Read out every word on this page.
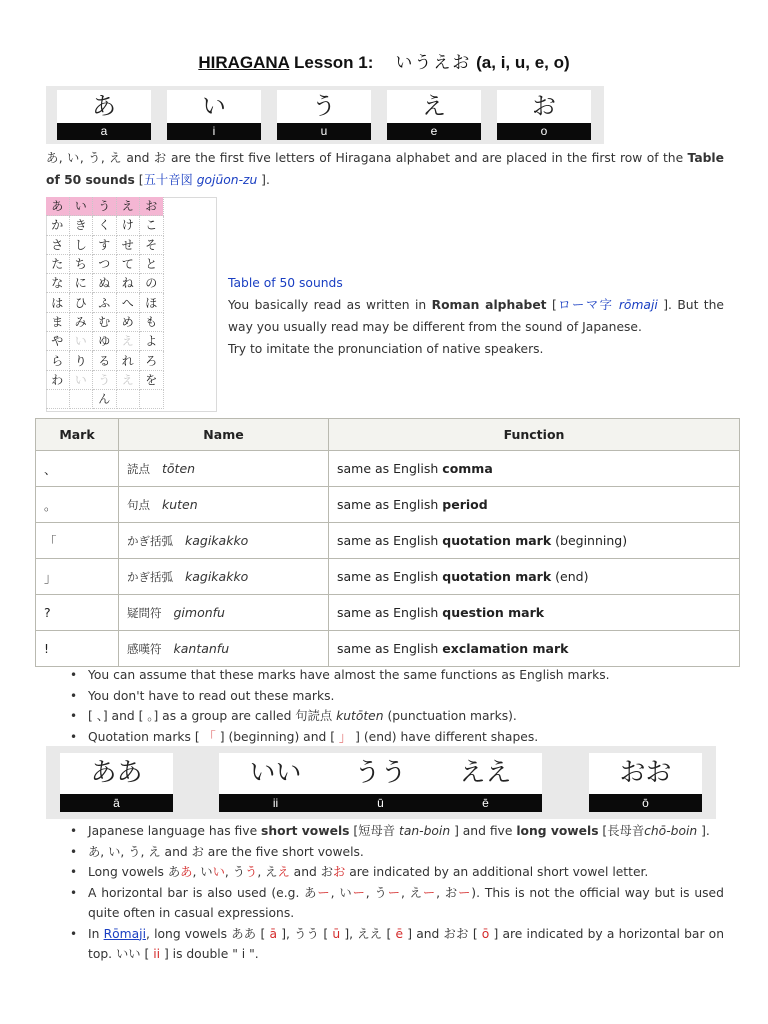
HIRAGANA Lesson 1: いうえお (a, i, u, e, o)
あ
a
い
i
う
u
え
e
お
o
あ, い, う, え and お are the first five letters of Hiragana alphabet and are placed in the first row of the Table of 50 sounds [五十音図 gojūon-zu ].
あ	い	う	え	お
か	き	く	け	こ
さ	し	す	せ	そ
た	ち	つ	て	と
な	に	ぬ	ね	の
は	ひ	ふ	へ	ほ
ま	み	む	め	も
や	い	ゆ	え	よ
ら	り	る	れ	ろ
わ	い	う	え	を
		ん		
Table of 50 sounds
You basically read as written in Roman alphabet [ローマ字 rōmaji ]. But the way you usually read may be different from the sound of Japanese.
Try to imitate the pronunciation of native speakers.
Mark	Name	Function
、	読点 tōten	same as English comma
。	句点 kuten	same as English period
「	かぎ括弧 kagikakko	same as English quotation mark (beginning)
」	かぎ括弧 kagikakko	same as English quotation mark (end)
?	疑問符 gimonfu	same as English question mark
!	感嘆符 kantanfu	same as English exclamation mark
• You can assume that these marks have almost the same functions as English marks.
• You don't have to read out these marks.
• [ 、] and [ 。] as a group are called 句読点 kutōten (punctuation marks).
• Quotation marks [ 「 ] (beginning) and [ 」 ] (end) have different shapes.
ああ
ā
いい
ii
うう
ū
ええ
ē
おお
ō
• Japanese language has five short vowels [短母音 tan-boin ] and five long vowels [長母音chō-boin ].
• あ, い, う, え and お are the five short vowels.
• Long vowels ああ, いい, うう, ええ and おお are indicated by an additional short vowel letter.
• A horizontal bar is also used (e.g. あー, いー, うー, えー, おー). This is not the official way but is used quite often in casual expressions.
• In Rōmaji, long vowels ああ [ ā ], うう [ ū ], ええ [ ē ] and おお [ ō ] are indicated by a horizontal bar on top. いい [ ii ] is double " i ".
